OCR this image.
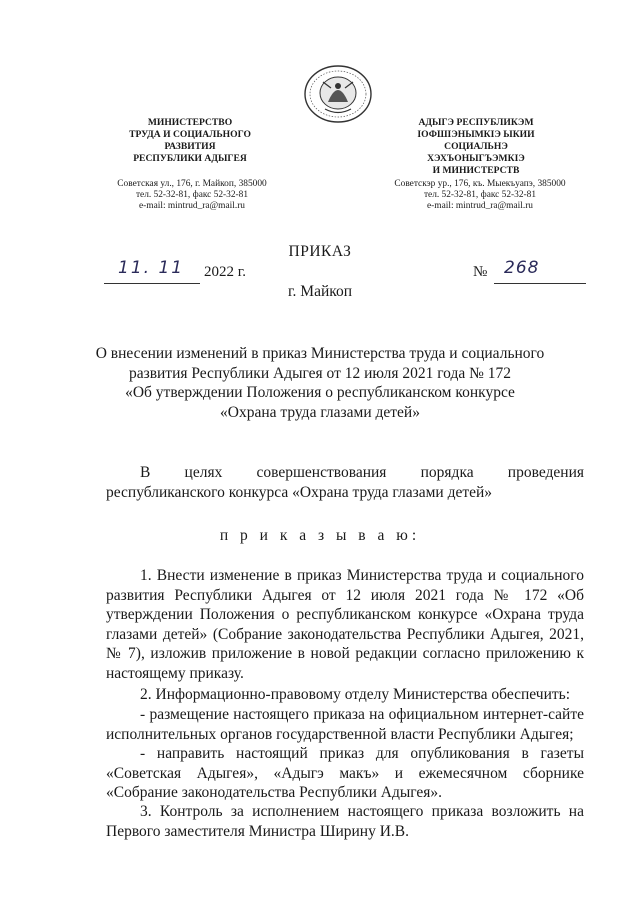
МИНИСТЕРСТВО
ТРУДА И СОЦИАЛЬНОГО
РАЗВИТИЯ
РЕСПУБЛИКИ АДЫГЕЯ
Советская ул., 176, г. Майкоп, 385000
тел. 52-32-81, факс 52-32-81
e-mail: mintrud_ra@mail.ru
АДЫГЭ РЕСПУБЛИКЭМ
ІОФШІЭНЫМКІЭ ЫКИИ СОЦИАЛЬНЭ
ХЭХЪОНЫГЪЭМКІЭ
И МИНИСТЕРСТВ
Советскэр ур., 176, къ. Мыекъуапэ, 385000
тел. 52-32-81, факс 52-32-81
e-mail: mintrud_ra@mail.ru
ПРИКАЗ
11. 11 2022 г.	№ 268
г. Майкоп
О внесении изменений в приказ Министерства труда и социального
развития Республики Адыгея от 12 июля 2021 года № 172
«Об утверждении Положения о республиканском конкурсе
«Охрана труда глазами детей»
В целях совершенствования порядка проведения республиканского конкурса «Охрана труда глазами детей»
п р и к а з ы в а ю:
1. Внести изменение в приказ Министерства труда и социального развития Республики Адыгея от 12 июля 2021 года № 172 «Об утверждении Положения о республиканском конкурсе «Охрана труда глазами детей» (Собрание законодательства Республики Адыгея, 2021, № 7), изложив приложение в новой редакции согласно приложению к настоящему приказу.
2. Информационно-правовому отделу Министерства обеспечить:
- размещение настоящего приказа на официальном интернет-сайте исполнительных органов государственной власти Республики Адыгея;
- направить настоящий приказ для опубликования в газеты «Советская Адыгея», «Адыгэ макъ» и ежемесячном сборнике «Собрание законодательства Республики Адыгея».
3. Контроль за исполнением настоящего приказа возложить на Первого заместителя Министра Ширину И.В.
